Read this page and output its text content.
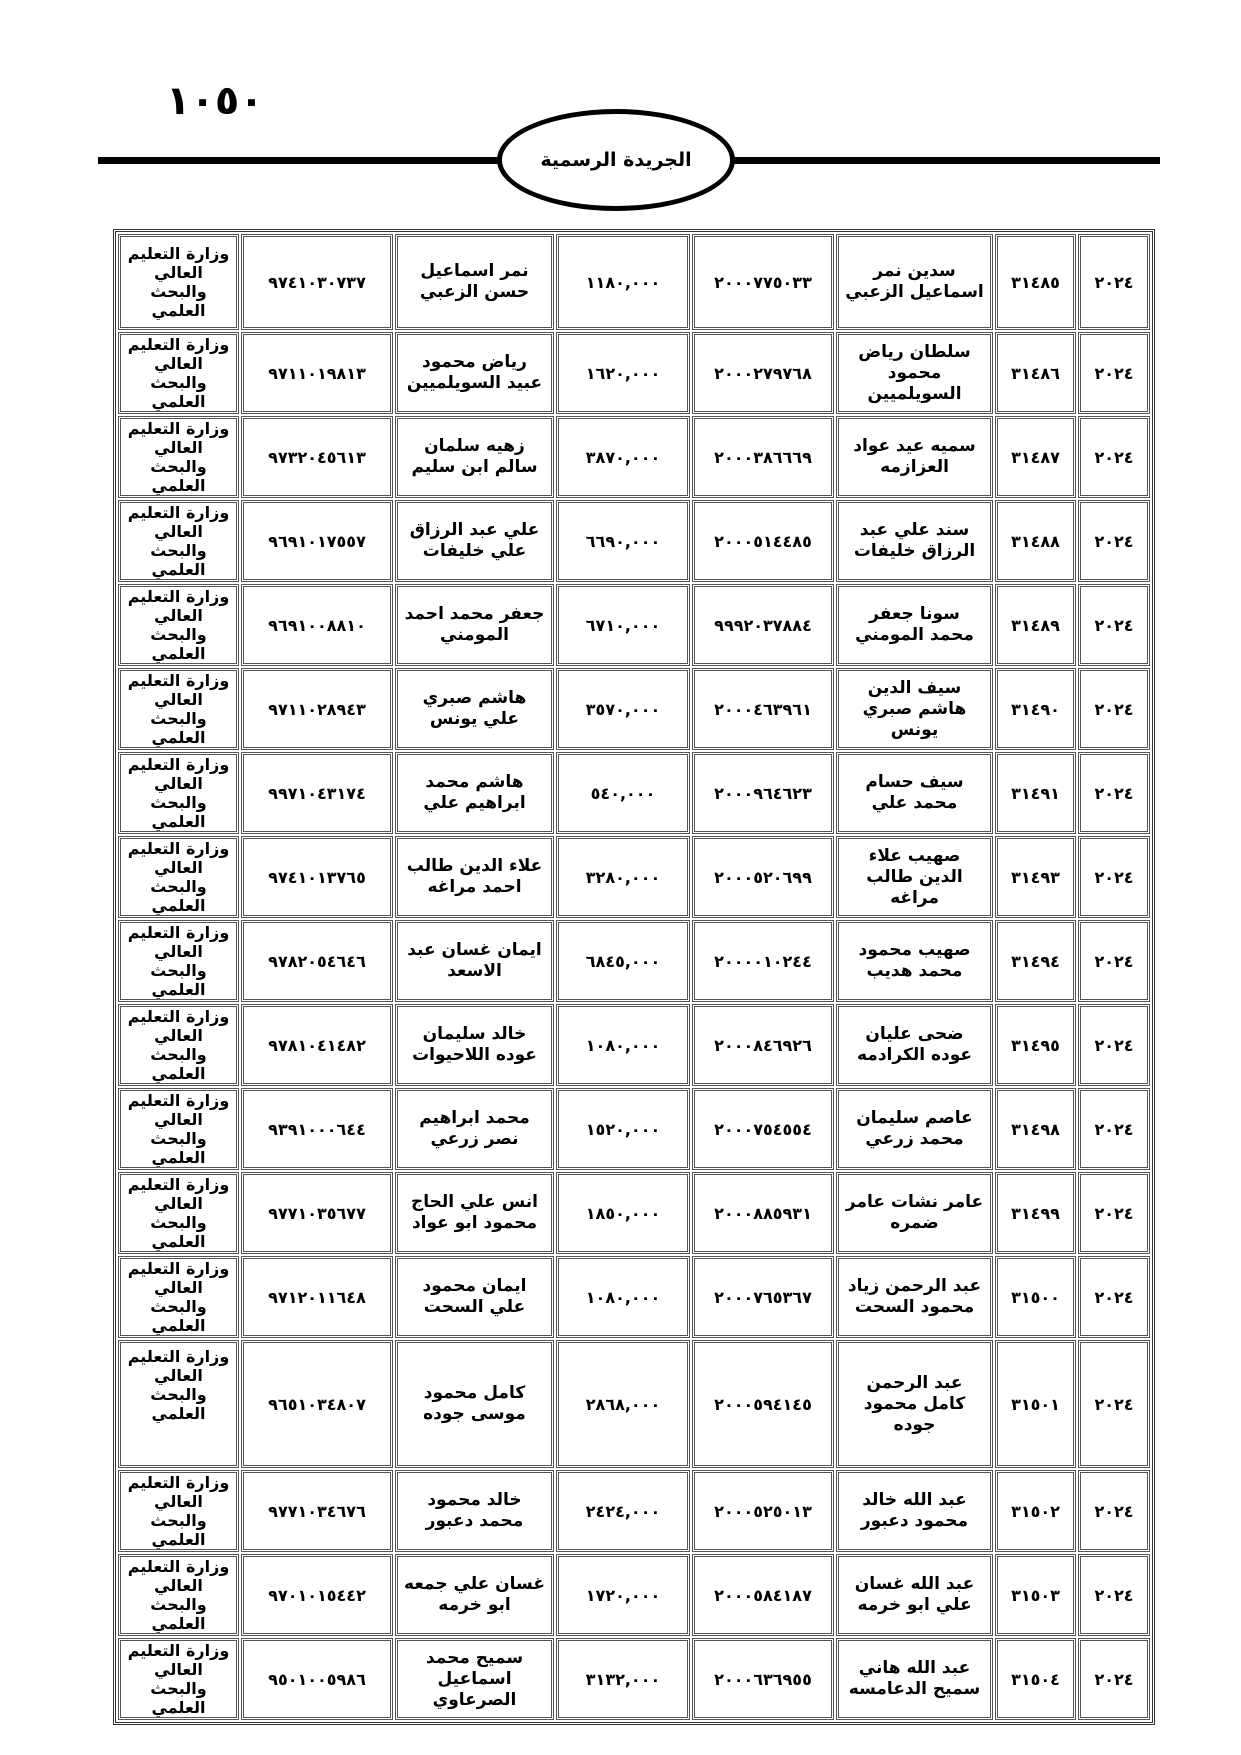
١٠٥٠
الجريدة الرسمية
٢٠٢٤	٣١٤٨٥	سدين نمر اسماعيل الزعبي	٢٠٠٠٧٧٥٠٣٣	١١٨٠,٠٠٠	نمر اسماعيل حسن الزعبي	٩٧٤١٠٣٠٧٣٧	وزارة التعليم العالي والبحث العلمي
٢٠٢٤	٣١٤٨٦	سلطان رياض محمود السويلميين	٢٠٠٠٢٧٩٧٦٨	١٦٢٠,٠٠٠	رياض محمود عبيد السويلميين	٩٧١١٠١٩٨١٣	وزارة التعليم العالي والبحث العلمي
٢٠٢٤	٣١٤٨٧	سميه عيد عواد العزازمه	٢٠٠٠٣٨٦٦٦٩	٣٨٧٠,٠٠٠	زهيه سلمان سالم ابن سليم	٩٧٣٢٠٤٥٦١٣	وزارة التعليم العالي والبحث العلمي
٢٠٢٤	٣١٤٨٨	سند علي عبد الرزاق خليفات	٢٠٠٠٥١٤٤٨٥	٦٦٩٠,٠٠٠	علي عبد الرزاق علي خليفات	٩٦٩١٠١٧٥٥٧	وزارة التعليم العالي والبحث العلمي
٢٠٢٤	٣١٤٨٩	سونا جعفر محمد المومني	٩٩٩٢٠٣٧٨٨٤	٦٧١٠,٠٠٠	جعفر محمد احمد المومني	٩٦٩١٠٠٨٨١٠	وزارة التعليم العالي والبحث العلمي
٢٠٢٤	٣١٤٩٠	سيف الدين هاشم صبري يونس	٢٠٠٠٤٦٣٩٦١	٣٥٧٠,٠٠٠	هاشم صبري علي يونس	٩٧١١٠٢٨٩٤٣	وزارة التعليم العالي والبحث العلمي
٢٠٢٤	٣١٤٩١	سيف حسام محمد علي	٢٠٠٠٩٦٤٦٢٣	٥٤٠,٠٠٠	هاشم محمد ابراهيم علي	٩٩٧١٠٤٣١٧٤	وزارة التعليم العالي والبحث العلمي
٢٠٢٤	٣١٤٩٣	صهيب علاء الدين طالب مراغه	٢٠٠٠٥٢٠٦٩٩	٣٢٨٠,٠٠٠	علاء الدين طالب احمد مراغه	٩٧٤١٠١٣٧٦٥	وزارة التعليم العالي والبحث العلمي
٢٠٢٤	٣١٤٩٤	صهيب محمود محمد هديب	٢٠٠٠٠١٠٢٤٤	٦٨٤٥,٠٠٠	ايمان غسان عبد الاسعد	٩٧٨٢٠٥٤٦٤٦	وزارة التعليم العالي والبحث العلمي
٢٠٢٤	٣١٤٩٥	ضحى عليان عوده الكرادمه	٢٠٠٠٨٤٦٩٢٦	١٠٨٠,٠٠٠	خالد سليمان عوده اللاحيوات	٩٧٨١٠٤١٤٨٢	وزارة التعليم العالي والبحث العلمي
٢٠٢٤	٣١٤٩٨	عاصم سليمان محمد زرعي	٢٠٠٠٧٥٤٥٥٤	١٥٢٠,٠٠٠	محمد ابراهيم نصر زرعي	٩٣٩١٠٠٠٦٤٤	وزارة التعليم العالي والبحث العلمي
٢٠٢٤	٣١٤٩٩	عامر نشات عامر ضمره	٢٠٠٠٨٨٥٩٣١	١٨٥٠,٠٠٠	انس علي الحاج محمود ابو عواد	٩٧٧١٠٣٥٦٧٧	وزارة التعليم العالي والبحث العلمي
٢٠٢٤	٣١٥٠٠	عبد الرحمن زياد محمود السحت	٢٠٠٠٧٦٥٣٦٧	١٠٨٠,٠٠٠	ايمان محمود علي السحت	٩٧١٢٠١١٦٤٨	وزارة التعليم العالي والبحث العلمي
٢٠٢٤	٣١٥٠١	عبد الرحمن كامل محمود جوده	٢٠٠٠٥٩٤١٤٥	٢٨٦٨,٠٠٠	كامل محمود موسى جوده	٩٦٥١٠٣٤٨٠٧	وزارة التعليم العالي والبحث العلمي
٢٠٢٤	٣١٥٠٢	عبد الله خالد محمود دعبور	٢٠٠٠٥٢٥٠١٣	٢٤٢٤,٠٠٠	خالد محمود محمد دعبور	٩٧٧١٠٣٤٦٧٦	وزارة التعليم العالي والبحث العلمي
٢٠٢٤	٣١٥٠٣	عبد الله غسان علي ابو خرمه	٢٠٠٠٥٨٤١٨٧	١٧٢٠,٠٠٠	غسان علي جمعه ابو خرمه	٩٧٠١٠١٥٤٤٢	وزارة التعليم العالي والبحث العلمي
٢٠٢٤	٣١٥٠٤	عبد الله هاني سميح الدعامسه	٢٠٠٠٦٣٦٩٥٥	٣١٣٢,٠٠٠	سميح محمد اسماعيل الصرعاوي	٩٥٠١٠٠٥٩٨٦	وزارة التعليم العالي والبحث العلمي
